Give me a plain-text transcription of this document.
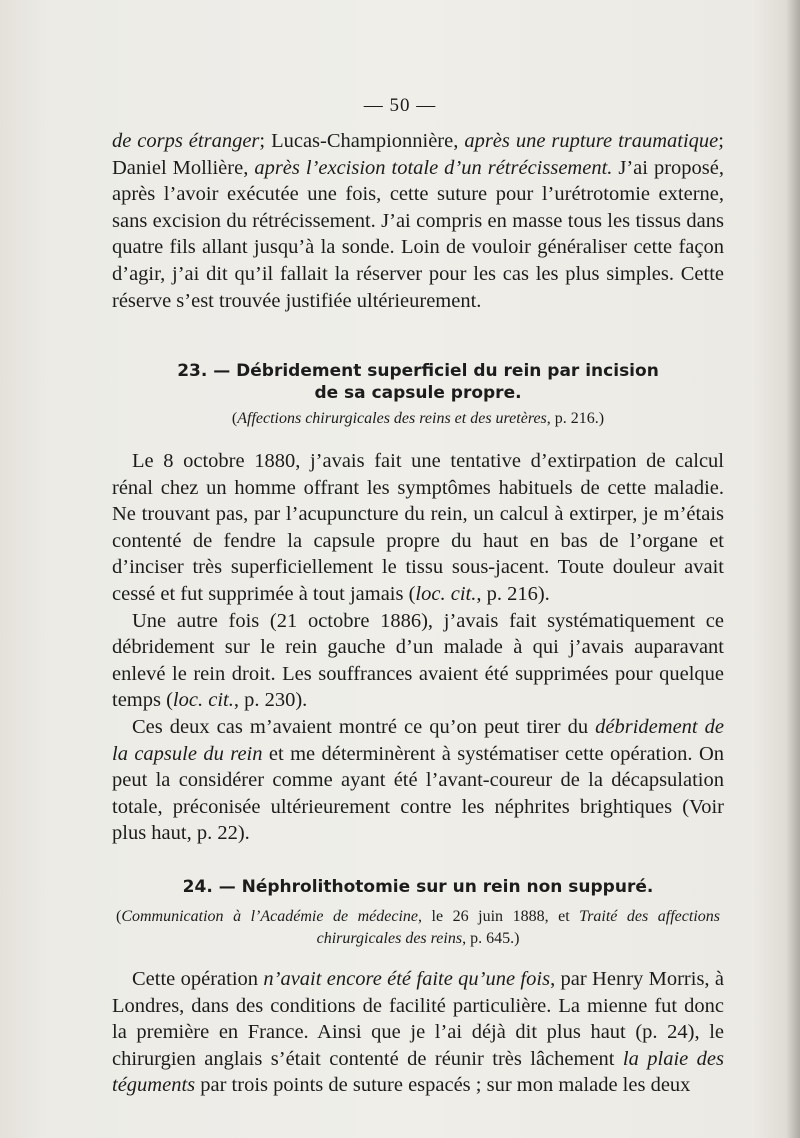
— 50 —

de corps étranger; Lucas-Championnière, après une rupture traumatique; Daniel Mollière, après l’excision totale d’un rétrécissement. J’ai proposé, après l’avoir exécutée une fois, cette suture pour l’urétrotomie externe, sans excision du rétrécissement. J’ai compris en masse tous les tissus dans quatre fils allant jusqu’à la sonde. Loin de vouloir généraliser cette façon d’agir, j’ai dit qu’il fallait la réserver pour les cas les plus simples. Cette réserve s’est trouvée justifiée ultérieurement.

23. — Débridement superficiel du rein par incision
de sa capsule propre.
(Affections chirurgicales des reins et des uretères, p. 216.)

Le 8 octobre 1880, j’avais fait une tentative d’extirpation de calcul rénal chez un homme offrant les symptômes habituels de cette maladie. Ne trouvant pas, par l’acupuncture du rein, un calcul à extirper, je m’étais contenté de fendre la capsule propre du haut en bas de l’organe et d’inciser très superficiellement le tissu sous-jacent. Toute douleur avait cessé et fut supprimée à tout jamais (loc. cit., p. 216).

Une autre fois (21 octobre 1886), j’avais fait systématiquement ce débridement sur le rein gauche d’un malade à qui j’avais auparavant enlevé le rein droit. Les souffrances avaient été supprimées pour quelque temps (loc. cit., p. 230).

Ces deux cas m’avaient montré ce qu’on peut tirer du débridement de la capsule du rein et me déterminèrent à systématiser cette opération. On peut la considérer comme ayant été l’avant-coureur de la décapsulation totale, préconisée ultérieurement contre les néphrites brightiques (Voir plus haut, p. 22).

24. — Néphrolithotomie sur un rein non suppuré.
(Communication à l’Académie de médecine, le 26 juin 1888, et Traité des affections chirurgicales des reins, p. 645.)

Cette opération n’avait encore été faite qu’une fois, par Henry Morris, à Londres, dans des conditions de facilité particulière. La mienne fut donc la première en France. Ainsi que je l’ai déjà dit plus haut (p. 24), le chirurgien anglais s’était contenté de réunir très lâchement la plaie des téguments par trois points de suture espacés ; sur mon malade les deux
